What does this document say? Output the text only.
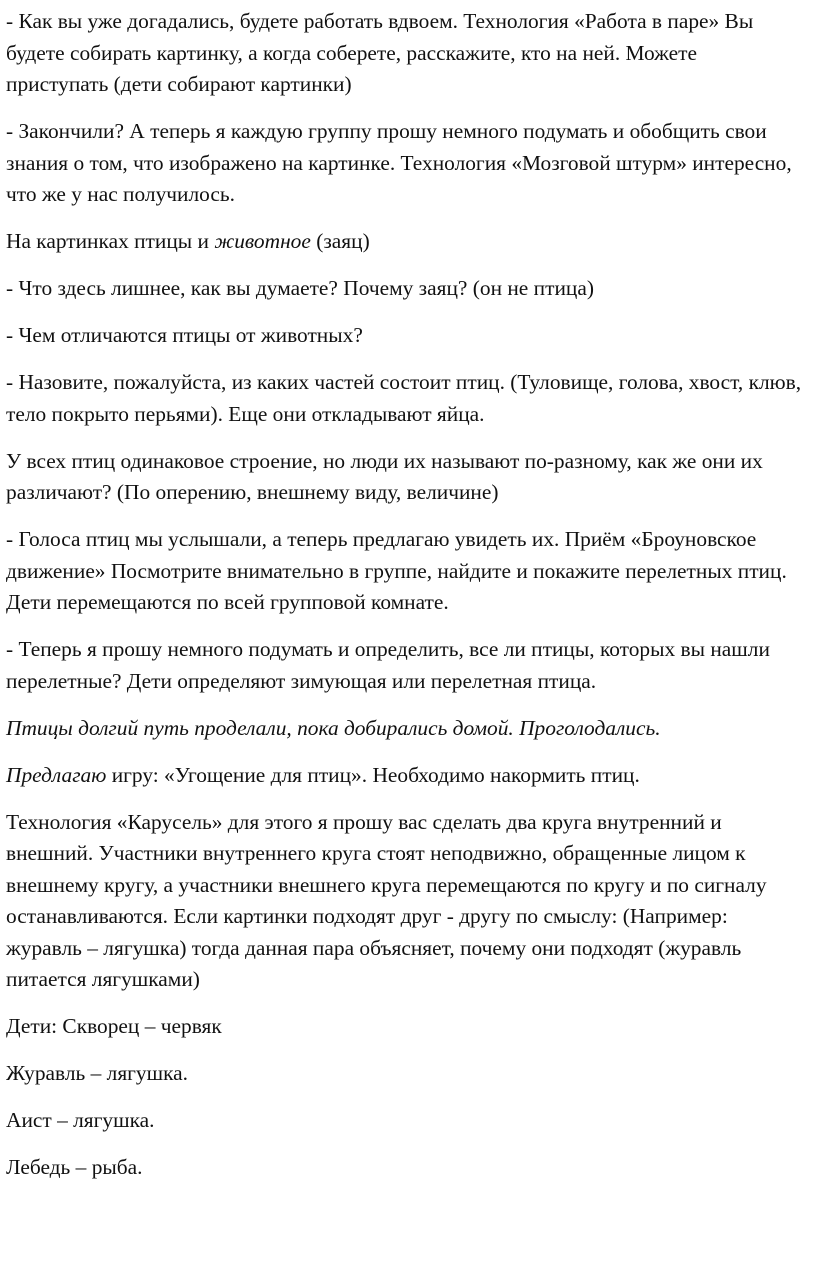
- Как вы уже догадались, будете работать вдвоем. Технология «Работа в паре» Вы будете собирать картинку, а когда соберете, расскажите, кто на ней. Можете приступать (дети собирают картинки)

- Закончили? А теперь я каждую группу прошу немного подумать и обобщить свои знания о том, что изображено на картинке. Технология «Мозговой штурм» интересно, что же у нас получилось.

На картинках птицы и животное (заяц)

- Что здесь лишнее, как вы думаете? Почему заяц? (он не птица)

- Чем отличаются птицы от животных?

- Назовите, пожалуйста, из каких частей состоит птиц. (Туловище, голова, хвост, клюв, тело покрыто перьями). Еще они откладывают яйца.

У всех птиц одинаковое строение, но люди их называют по-разному, как же они их различают? (По оперению, внешнему виду, величине)

- Голоса птиц мы услышали, а теперь предлагаю увидеть их. Приём «Броуновское движение» Посмотрите внимательно в группе, найдите и покажите перелетных птиц. Дети перемещаются по всей групповой комнате.

- Теперь я прошу немного подумать и определить, все ли птицы, которых вы нашли перелетные? Дети определяют зимующая или перелетная птица.

Птицы долгий путь проделали, пока добирались домой. Проголодались.

Предлагаю игру: «Угощение для птиц». Необходимо накормить птиц.

Технология «Карусель» для этого я прошу вас сделать два круга внутренний и внешний. Участники внутреннего круга стоят неподвижно, обращенные лицом к внешнему кругу, а участники внешнего круга перемещаются по кругу и по сигналу останавливаются. Если картинки подходят друг - другу по смыслу: (Например: журавль – лягушка) тогда данная пара объясняет, почему они подходят (журавль питается лягушками)

Дети: Скворец – червяк

Журавль – лягушка.

Аист – лягушка.

Лебедь – рыба.
